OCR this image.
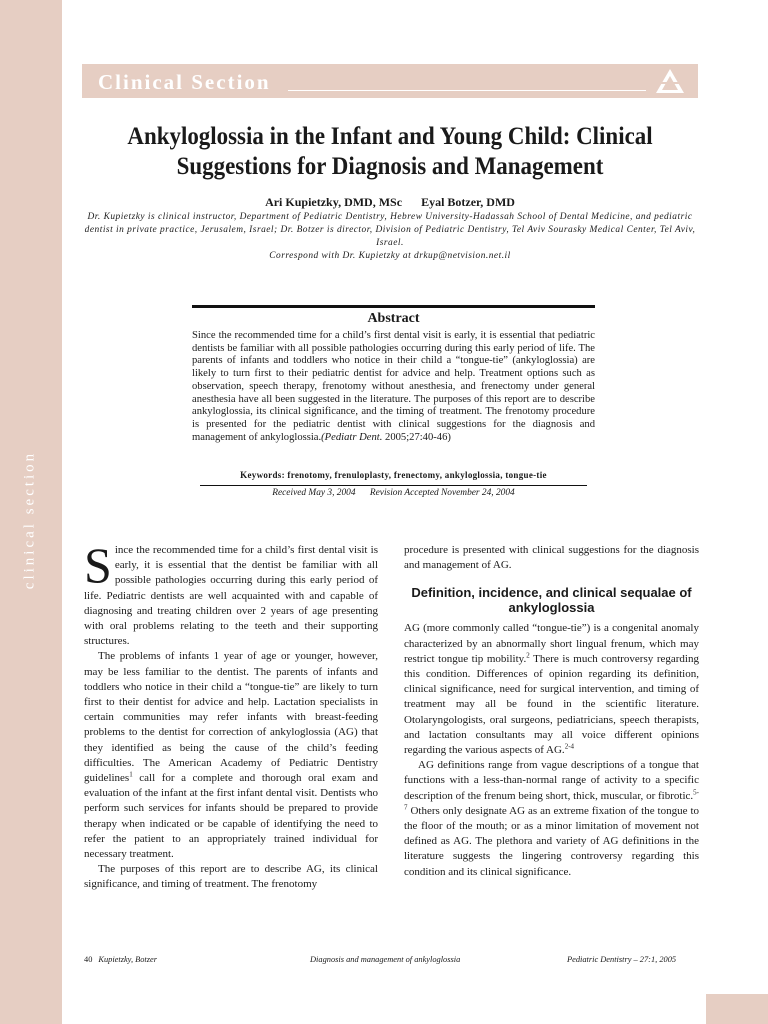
clinical section
Clinical Section
Ankyloglossia in the Infant and Young Child: Clinical
Suggestions for Diagnosis and Management
Ari Kupietzky, DMD, MSc Eyal Botzer, DMD
Dr. Kupietzky is clinical instructor, Department of Pediatric Dentistry, Hebrew University-Hadassah School of Dental Medicine, and pediatric dentist in private practice, Jerusalem, Israel; Dr. Botzer is director, Division of Pediatric Dentistry, Tel Aviv Sourasky Medical Center, Tel Aviv, Israel.
Correspond with Dr. Kupietzky at drkup@netvision.net.il
Abstract
Since the recommended time for a child’s first dental visit is early, it is essential that pediatric dentists be familiar with all possible pathologies occurring during this early period of life. The parents of infants and toddlers who notice in their child a “tongue-tie” (ankyloglossia) are likely to turn first to their pediatric dentist for advice and help. Treatment options such as observation, speech therapy, frenotomy without anesthesia, and frenectomy under general anesthesia have all been suggested in the literature. The purposes of this report are to describe ankyloglossia, its clinical significance, and the timing of treatment. The frenotomy procedure is presented for the pediatric dentist with clinical suggestions for the diagnosis and management of ankyloglossia.(Pediatr Dent. 2005;27:40-46)
Keywords: frenotomy, frenuloplasty, frenectomy, ankyloglossia, tongue-tie
Received May 3, 2004 Revision Accepted November 24, 2004

Since the recommended time for a child’s first dental visit is early, it is essential that the dentist be familiar with all possible pathologies occurring during this early period of life. Pediatric dentists are well acquainted with and capable of diagnosing and treating children over 2 years of age presenting with oral problems relating to the teeth and their supporting structures.

The problems of infants 1 year of age or younger, however, may be less familiar to the dentist. The parents of infants and toddlers who notice in their child a “tongue-tie” are likely to turn first to their dentist for advice and help. Lactation specialists in certain communities may refer infants with breast-feeding problems to the dentist for correction of ankyloglossia (AG) that they identified as being the cause of the child’s feeding difficulties. The American Academy of Pediatric Dentistry guidelines$^1$ call for a complete and thorough oral exam and evaluation of the infant at the first infant dental visit. Dentists who perform such services for infants should be prepared to provide therapy when indicated or be capable of identifying the need to refer the patient to an appropriately trained individual for necessary treatment.

The purposes of this report are to describe AG, its clinical significance, and timing of treatment. The frenotomy

procedure is presented with clinical suggestions for the diagnosis and management of AG.

Definition, incidence, and clinical sequalae of ankyloglossia

AG (more commonly called “tongue-tie”) is a congenital anomaly characterized by an abnormally short lingual frenum, which may restrict tongue tip mobility.$^2$ There is much controversy regarding this condition. Differences of opinion regarding its definition, clinical significance, need for surgical intervention, and timing of treatment may all be found in the scientific literature. Otolaryngologists, oral surgeons, pediatricians, speech therapists, and lactation consultants may all voice different opinions regarding the various aspects of AG.$^{2-4}$

AG definitions range from vague descriptions of a tongue that functions with a less-than-normal range of activity to a specific description of the frenum being short, thick, muscular, or fibrotic.$^{5-7}$ Others only designate AG as an extreme fixation of the tongue to the floor of the mouth; or as a minor limitation of movement not defined as AG. The plethora and variety of AG definitions in the literature suggests the lingering controversy regarding this condition and its clinical significance.

40 Kupietzky, Botzer	Diagnosis and management of ankyloglossia	Pediatric Dentistry – 27:1, 2005
